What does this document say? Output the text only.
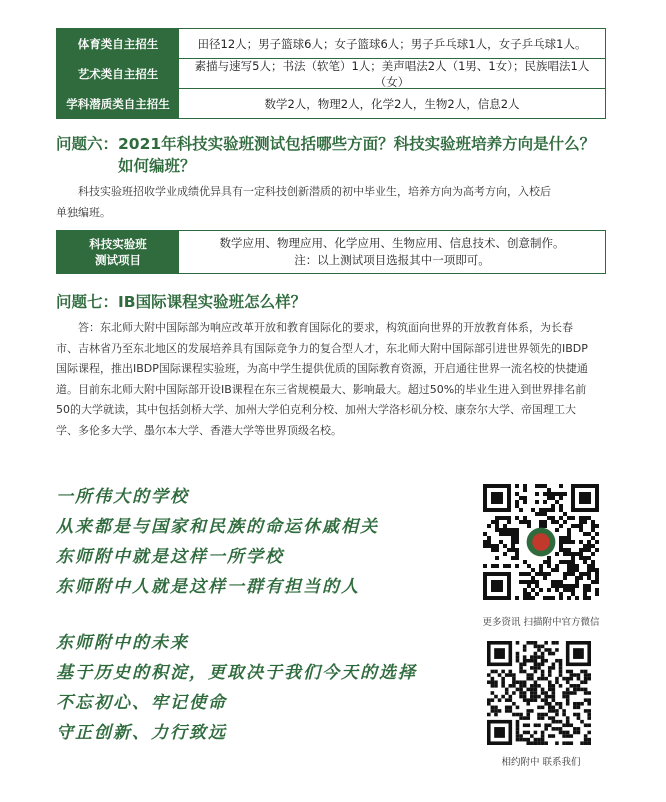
体育类自主招生	田径12人；男子篮球6人；女子篮球6人；男子乒乓球1人，女子乒乓球1人。
艺术类自主招生
素描与速写5人；书法（软笔）1人；美声唱法2人（1男、1女）；民族唱法1人（女）
学科潜质类自主招生	数学2人，物理2人，化学2人，生物2人，信息2人
问题六：2021年科技实验班测试包括哪些方面？科技实验班培养方向是什么？
如何编班？
科技实验班招收学业成绩优异具有一定科技创新潜质的初中毕业生，培养方向为高考方向，入校后
单独编班。
科技实验班
测试项目
数学应用、物理应用、化学应用、生物应用、信息技术、创意制作。
注：以上测试项目选报其中一项即可。
问题七：IB国际课程实验班怎么样？
答：东北师大附中国际部为响应改革开放和教育国际化的要求，构筑面向世界的开放教育体系，为长春
市、吉林省乃至东北地区的发展培养具有国际竞争力的复合型人才，东北师大附中国际部引进世界领先的IBDP
国际课程，推出IBDP国际课程实验班，为高中学生提供优质的国际教育资源，开启通往世界一流名校的快捷通
道。目前东北师大附中国际部开设IB课程在东三省规模最大、影响最大。超过50%的毕业生进入到世界排名前
50的大学就读，其中包括剑桥大学、加州大学伯克利分校、加州大学洛杉矶分校、康奈尔大学、帝国理工大
学、多伦多大学、墨尔本大学、香港大学等世界顶级名校。
一所伟大的学校
从来都是与国家和民族的命运休戚相关
东师附中就是这样一所学校
东师附中人就是这样一群有担当的人
东师附中的未来
基于历史的积淀，更取决于我们今天的选择
不忘初心、牢记使命
守正创新、力行致远
更多资讯 扫描附中官方微信
相约附中 联系我们
